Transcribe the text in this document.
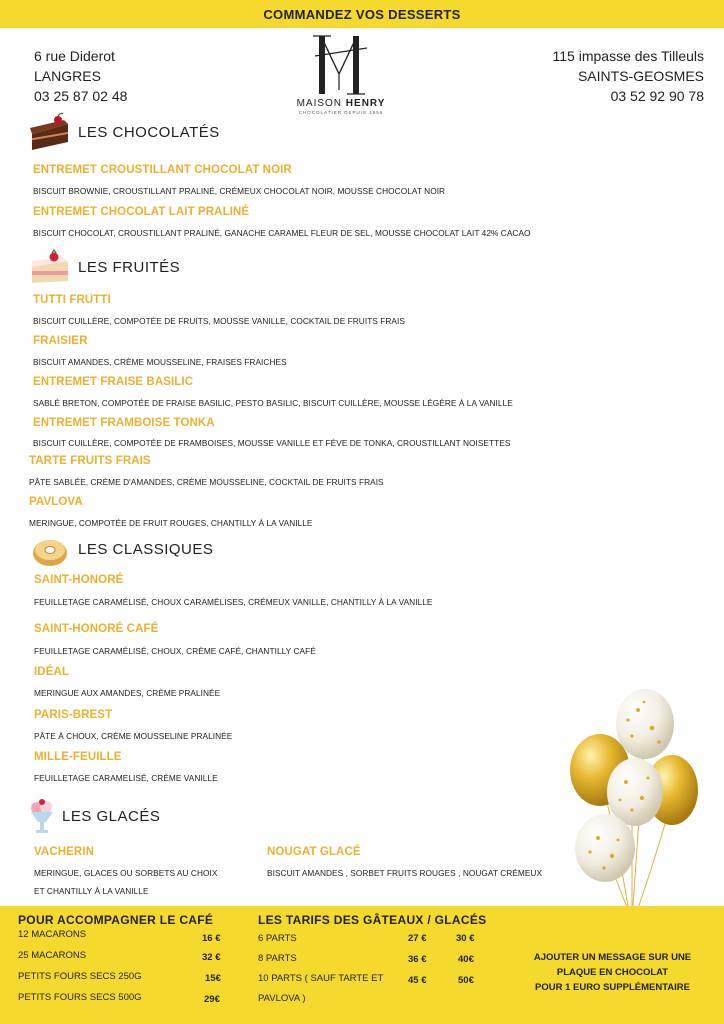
COMMANDEZ VOS DESSERTS
6 rue Diderot
LANGRES
03 25 87 02 48
115 impasse des Tilleuls
SAINTS-GEOSMES
03 52 92 90 78
MAISON HENRY
CHOCOLATIER DEPUIS 1956
LES CHOCOLATÉS
ENTREMET CROUSTILLANT CHOCOLAT NOIR
BISCUIT BROWNIE, CROUSTILLANT PRALINÉ, CRÉMEUX CHOCOLAT NOIR, MOUSSE CHOCOLAT NOIR
ENTREMET CHOCOLAT LAIT PRALINÉ
BISCUIT CHOCOLAT, CROUSTILLANT PRALINÉ, GANACHE CARAMEL FLEUR DE SEL, MOUSSE CHOCOLAT LAIT 42% CACAO
LES FRUITÉS
TUTTI FRUTTI
BISCUIT CUILLÈRE, COMPOTÉE DE FRUITS, MOUSSE VANILLE, COCKTAIL DE FRUITS FRAIS
FRAISIER
BISCUIT AMANDES, CRÈME MOUSSELINE, FRAISES FRAICHES
ENTREMET FRAISE BASILIC
SABLÉ BRETON, COMPOTÉE DE FRAISE BASILIC, PESTO BASILIC, BISCUIT CUILLÈRE, MOUSSE LÉGÈRE À LA VANILLE
ENTREMET FRAMBOISE TONKA
BISCUIT CUILLÈRE, COMPOTÉE DE FRAMBOISES, MOUSSE VANILLE ET FÈVE DE TONKA, CROUSTILLANT NOISETTES
TARTE FRUITS FRAIS
PÂTE SABLÉE, CRÈME D'AMANDES, CRÈME MOUSSELINE, COCKTAIL DE FRUITS FRAIS
PAVLOVA
MERINGUE, COMPOTÉE DE FRUIT ROUGES, CHANTILLY À LA VANILLE
LES CLASSIQUES
SAINT-HONORÉ
FEUILLETAGE CARAMÉLISÉ, CHOUX CARAMÉLISES, CRÉMEUX VANILLE, CHANTILLY À LA VANILLE
SAINT-HONORÉ CAFÉ
FEUILLETAGE CARAMÉLISÉ, CHOUX, CRÈME CAFÉ, CHANTILLY CAFÉ
IDÉAL
MERINGUE AUX AMANDES, CRÈME PRALINÉE
PARIS-BREST
PÂTE À CHOUX, CRÈME MOUSSELINE PRALINÉE
MILLE-FEUILLE
FEUILLETAGE CARAMELISÉ, CRÈME VANILLE
LES GLACÉS
VACHERIN
MERINGUE, GLACES OU SORBETS AU CHOIX
ET CHANTILLY À LA VANILLE
NOUGAT GLACÉ
BISCUIT AMANDES , SORBET FRUITS ROUGES , NOUGAT CRÉMEUX
POUR ACCOMPAGNER LE CAFÉ
12 MACARONS	16 €
25 MACARONS	32 €
PETITS FOURS SECS 250G	15€
PETITS FOURS SECS 500G	29€
LES TARIFS DES GÂTEAUX / GLACÉS
6 PARTS	27 €	30 €
8 PARTS	36 €	40€
10 PARTS ( SAUF TARTE ET
PAVLOVA )
45 €	50€
AJOUTER UN MESSAGE SUR UNE
PLAQUE EN CHOCOLAT
POUR 1 EURO SUPPLÉMENTAIRE
